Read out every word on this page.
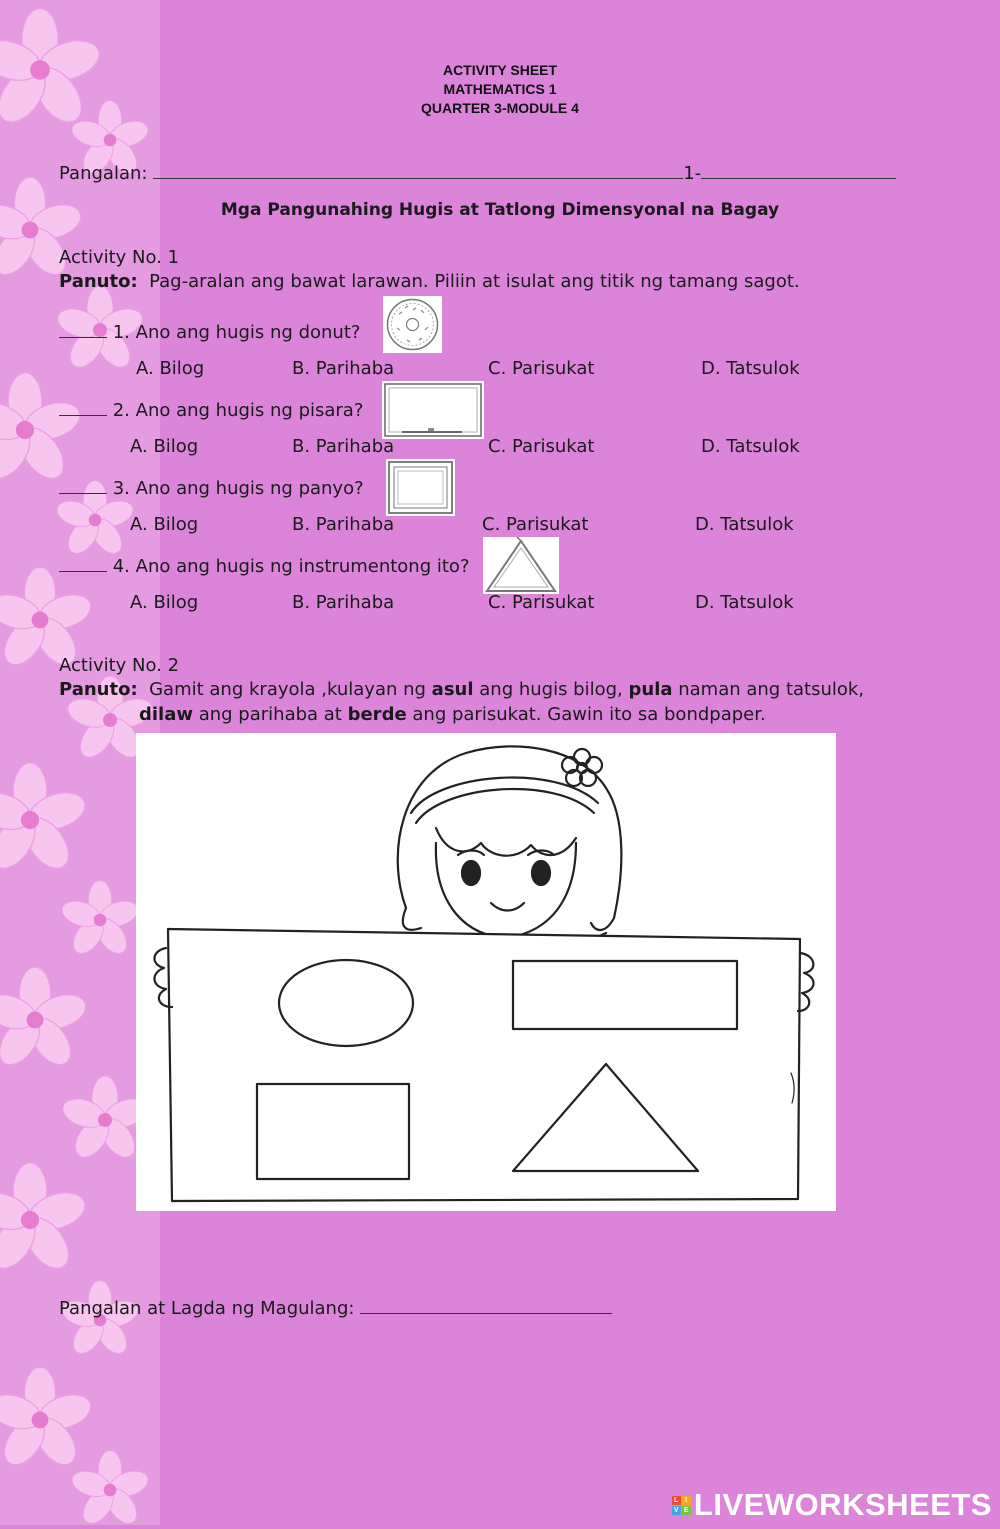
ACTIVITY SHEET
MATHEMATICS 1
QUARTER 3-MODULE 4
Pangalan:	1-
Mga Pangunahing Hugis at Tatlong Dimensyonal na Bagay
Activity No. 1
Panuto: Pag-aralan ang bawat larawan. Piliin at isulat ang titik ng tamang sagot.
1. Ano ang hugis ng donut?
A. Bilog	B. Parihaba	C. Parisukat	D. Tatsulok
2. Ano ang hugis ng pisara?
A. Bilog	B. Parihaba	C. Parisukat	D. Tatsulok
3. Ano ang hugis ng panyo?
A. Bilog	B. Parihaba	C. Parisukat	D. Tatsulok
4. Ano ang hugis ng instrumentong ito?
A. Bilog	B. Parihaba	C. Parisukat	D. Tatsulok
Activity No. 2
Panuto: Gamit ang krayola ,kulayan ng asul ang hugis bilog, pula naman ang tatsulok,
dilaw ang parihaba at berde ang parisukat. Gawin ito sa bondpaper.
Pangalan at Lagda ng Magulang:
L I
V E LIVEWORKSHEETS
